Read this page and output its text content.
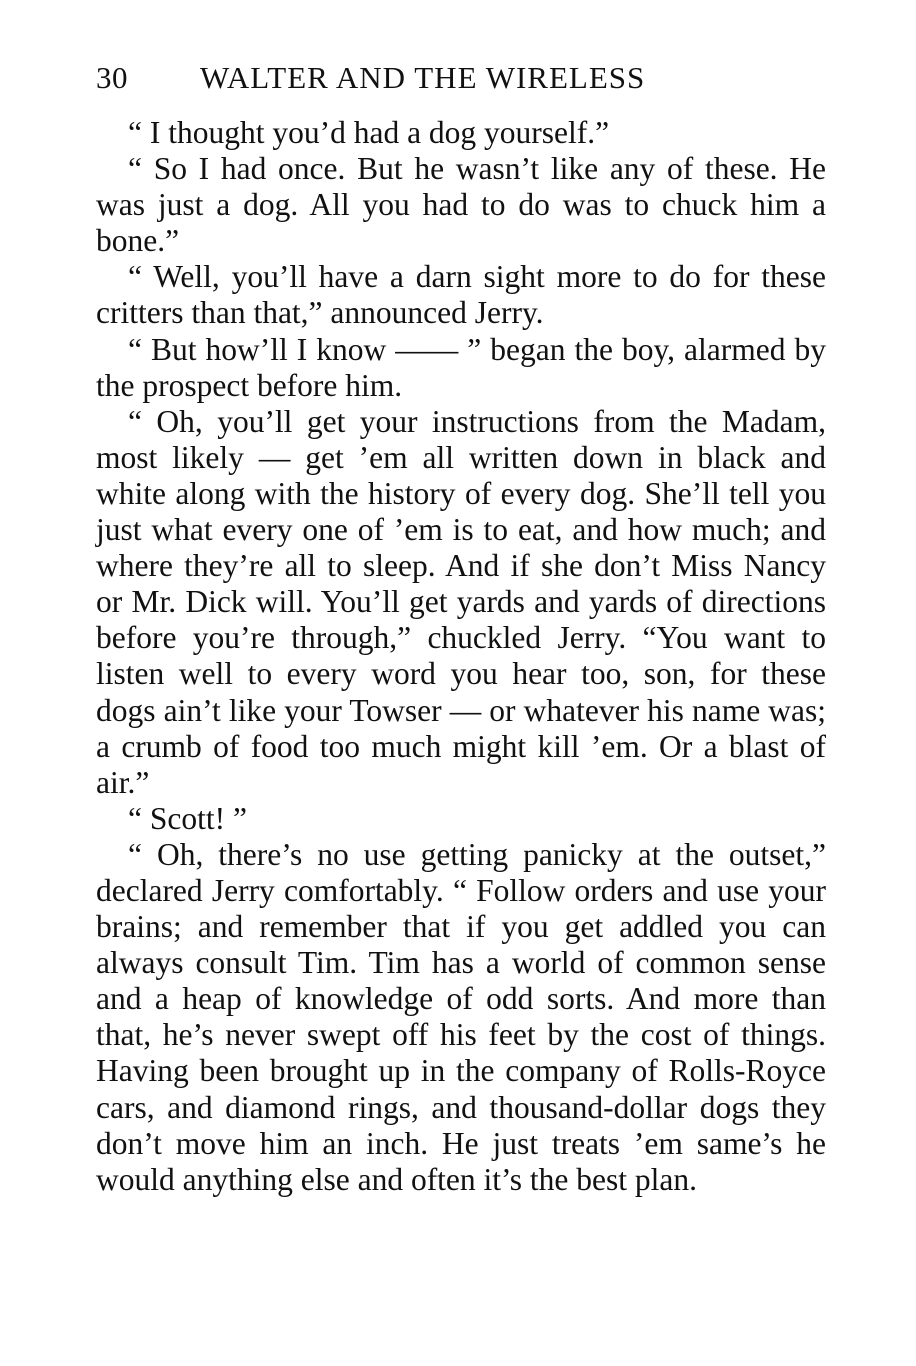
30 WALTER AND THE WIRELESS

“ I thought you’d had a dog yourself.”

“ So I had once. But he wasn’t like any of these. He was just a dog. All you had to do was to chuck him a bone.”

“ Well, you’ll have a darn sight more to do for these critters than that,” announced Jerry.

“ But how’ll I know —— ” began the boy, alarmed by the prospect before him.

“ Oh, you’ll get your instructions from the Madam, most likely — get ’em all written down in black and white along with the history of every dog. She’ll tell you just what every one of ’em is to eat, and how much; and where they’re all to sleep. And if she don’t Miss Nancy or Mr. Dick will. You’ll get yards and yards of directions before you’re through,” chuckled Jerry. “You want to listen well to every word you hear too, son, for these dogs ain’t like your Towser — or whatever his name was; a crumb of food too much might kill ’em. Or a blast of air.”

“ Scott! ”

“ Oh, there’s no use getting panicky at the outset,” declared Jerry comfortably. “ Follow orders and use your brains; and remember that if you get addled you can always consult Tim. Tim has a world of common sense and a heap of knowledge of odd sorts. And more than that, he’s never swept off his feet by the cost of things. Having been brought up in the company of Rolls-Royce cars, and diamond rings, and thousand-dollar dogs they don’t move him an inch. He just treats ’em same’s he would anything else and often it’s the best plan.
